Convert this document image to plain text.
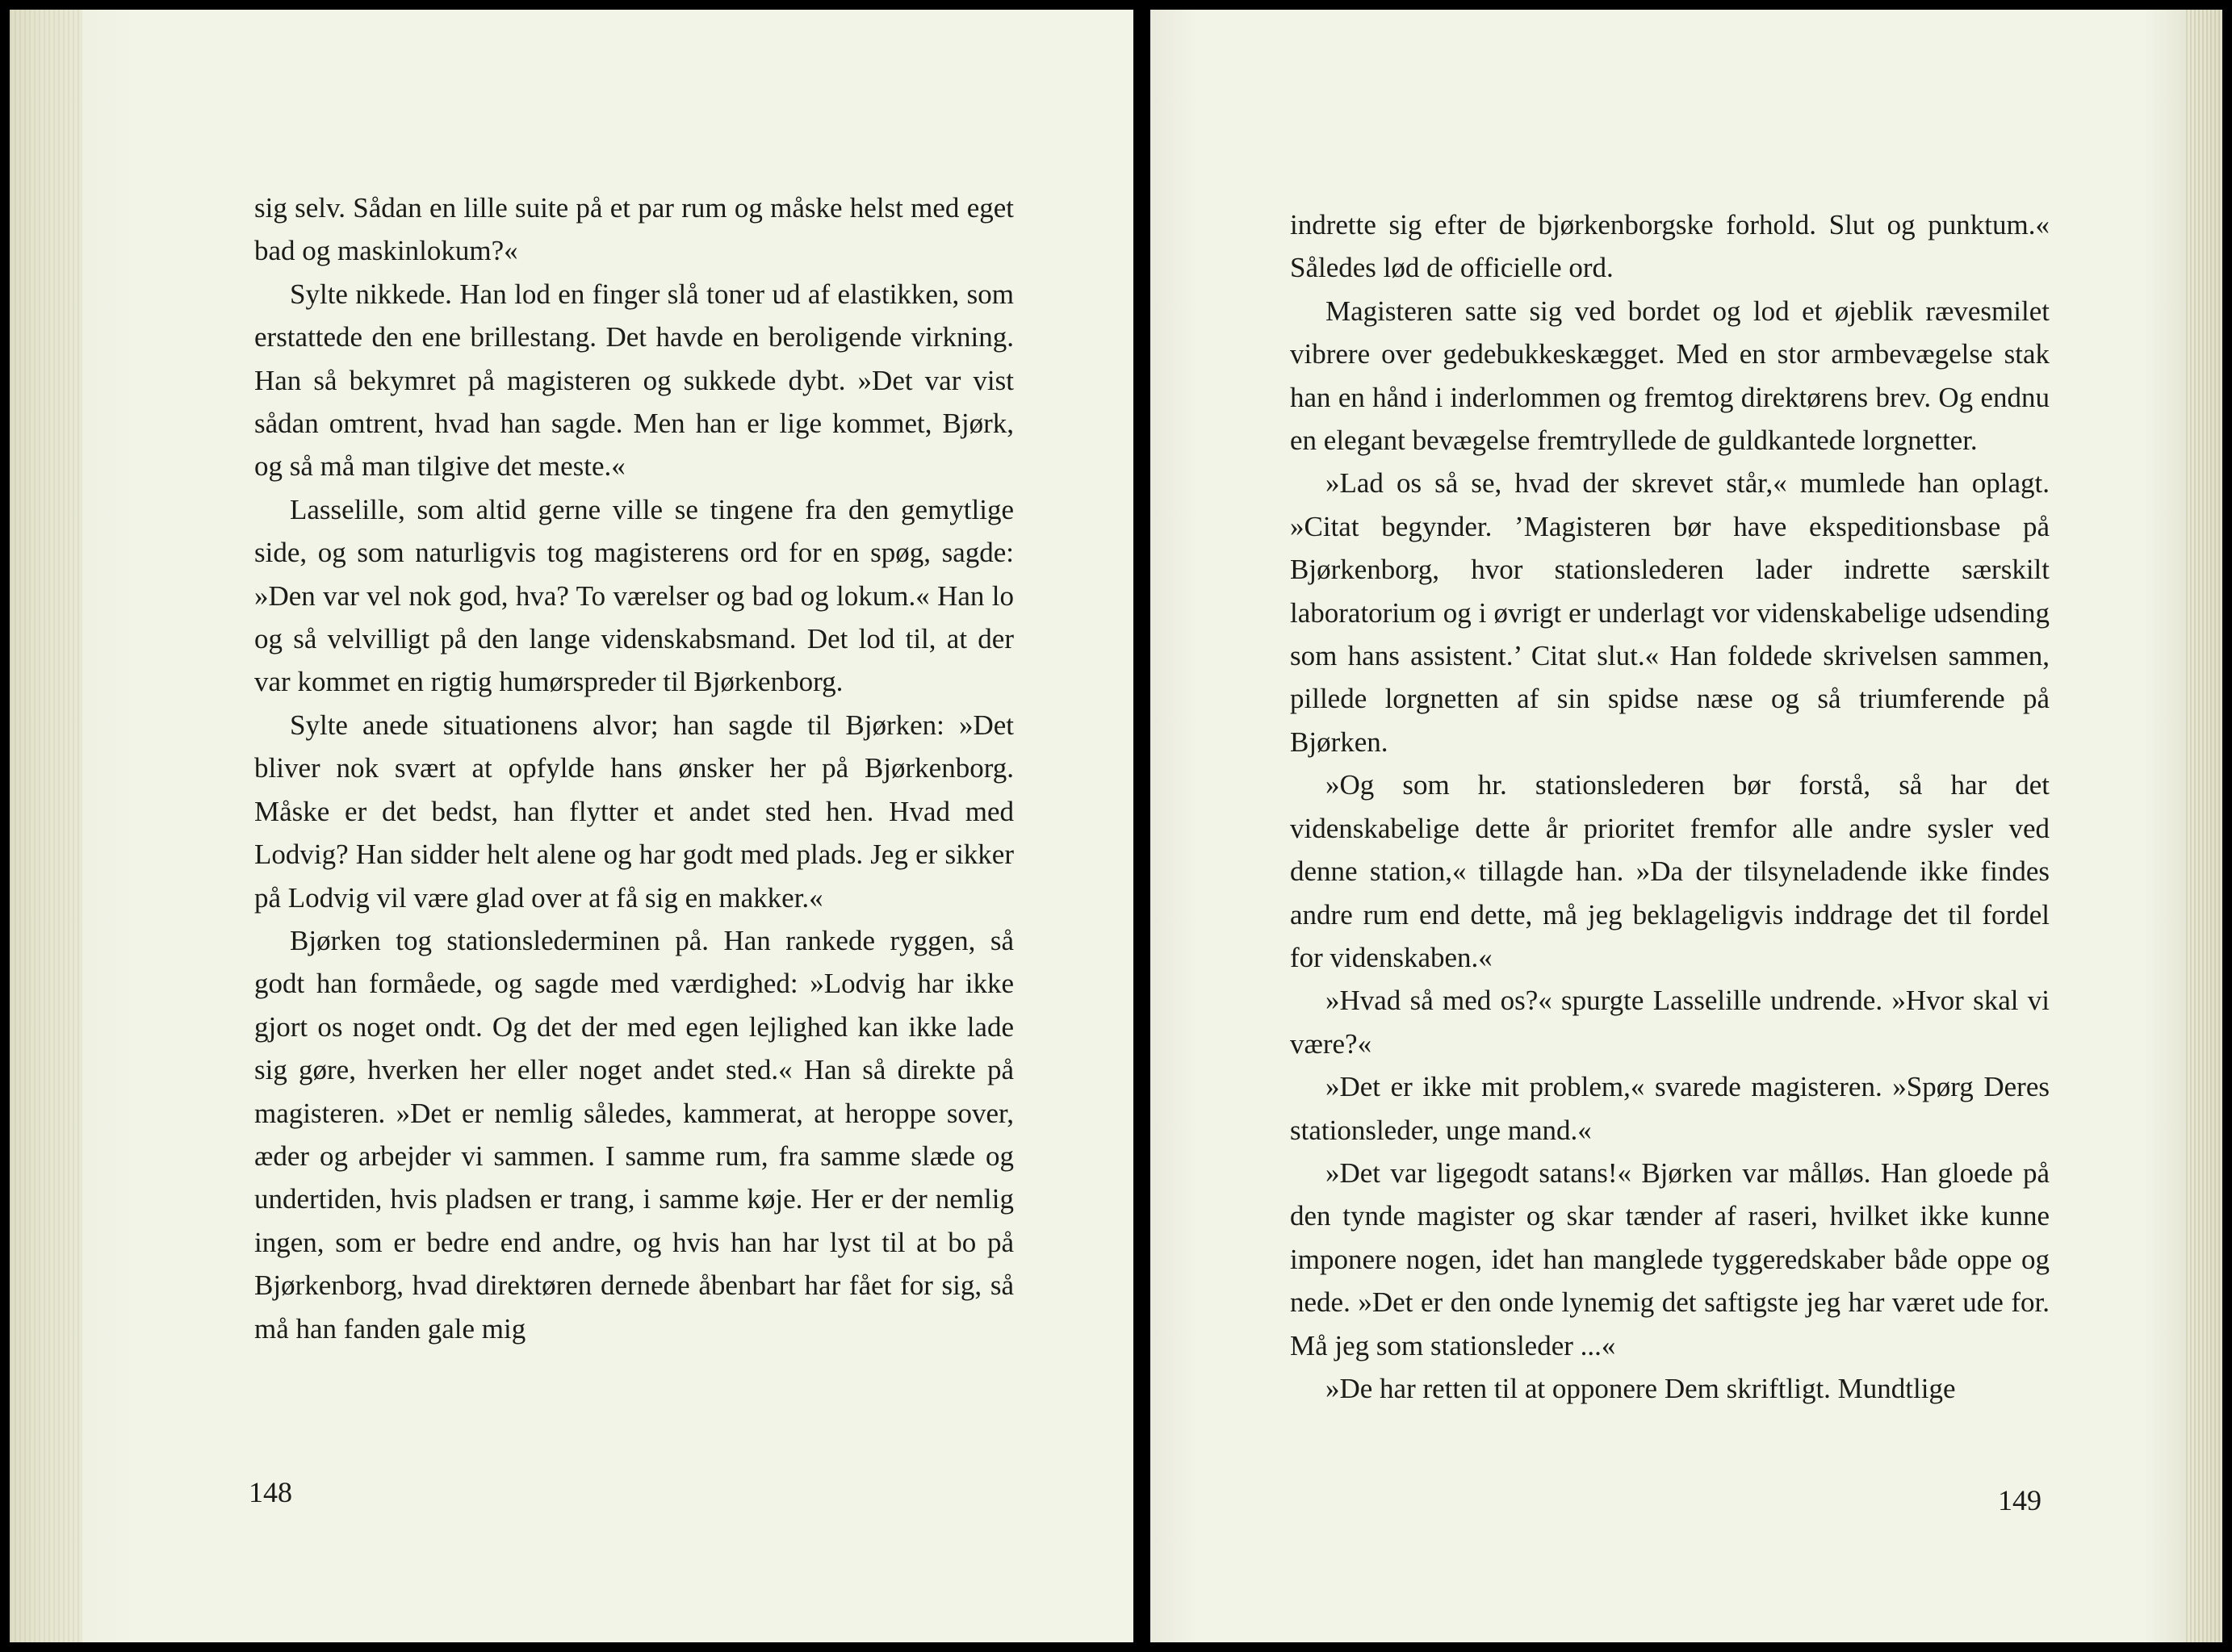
sig selv. Sådan en lille suite på et par rum og måske helst med eget bad og maskinlokum?«

Sylte nikkede. Han lod en finger slå toner ud af elastikken, som erstattede den ene brillestang. Det havde en beroligende virkning. Han så bekymret på magisteren og sukkede dybt. »Det var vist sådan omtrent, hvad han sagde. Men han er lige kommet, Bjørk, og så må man tilgive det meste.«

Lasselille, som altid gerne ville se tingene fra den gemytlige side, og som naturligvis tog magisterens ord for en spøg, sagde: »Den var vel nok god, hva? To værelser og bad og lokum.« Han lo og så velvilligt på den lange videnskabsmand. Det lod til, at der var kommet en rigtig humørspreder til Bjørkenborg.

Sylte anede situationens alvor; han sagde til Bjørken: »Det bliver nok svært at opfylde hans ønsker her på Bjørkenborg. Måske er det bedst, han flytter et andet sted hen. Hvad med Lodvig? Han sidder helt alene og har godt med plads. Jeg er sikker på Lodvig vil være glad over at få sig en makker.«

Bjørken tog stationslederminen på. Han rankede ryggen, så godt han formåede, og sagde med værdighed: »Lodvig har ikke gjort os noget ondt. Og det der med egen lejlighed kan ikke lade sig gøre, hverken her eller noget andet sted.« Han så direkte på magisteren. »Det er nemlig således, kammerat, at heroppe sover, æder og arbejder vi sammen. I samme rum, fra samme slæde og undertiden, hvis pladsen er trang, i samme køje. Her er der nemlig ingen, som er bedre end andre, og hvis han har lyst til at bo på Bjørkenborg, hvad direktøren dernede åbenbart har fået for sig, så må han fanden gale mig

148

indrette sig efter de bjørkenborgske forhold. Slut og punktum.« Således lød de officielle ord.

Magisteren satte sig ved bordet og lod et øjeblik rævesmilet vibrere over gedebukkeskægget. Med en stor armbevægelse stak han en hånd i inderlommen og fremtog direktørens brev. Og endnu en elegant bevægelse fremtryllede de guldkantede lorgnetter.

»Lad os så se, hvad der skrevet står,« mumlede han oplagt. »Citat begynder. ’Magisteren bør have ekspeditionsbase på Bjørkenborg, hvor stationslederen lader indrette særskilt laboratorium og i øvrigt er underlagt vor videnskabelige udsending som hans assistent.’ Citat slut.« Han foldede skrivelsen sammen, pillede lorgnetten af sin spidse næse og så triumferende på Bjørken.

»Og som hr. stationslederen bør forstå, så har det videnskabelige dette år prioritet fremfor alle andre sysler ved denne station,« tillagde han. »Da der tilsyneladende ikke findes andre rum end dette, må jeg beklageligvis inddrage det til fordel for videnskaben.«

»Hvad så med os?« spurgte Lasselille undrende. »Hvor skal vi være?«

»Det er ikke mit problem,« svarede magisteren. »Spørg Deres stationsleder, unge mand.«

»Det var ligegodt satans!« Bjørken var målløs. Han gloede på den tynde magister og skar tænder af raseri, hvilket ikke kunne imponere nogen, idet han manglede tyggeredskaber både oppe og nede. »Det er den onde lynemig det saftigste jeg har været ude for. Må jeg som stationsleder ...«

»De har retten til at opponere Dem skriftligt. Mundtlige

149
